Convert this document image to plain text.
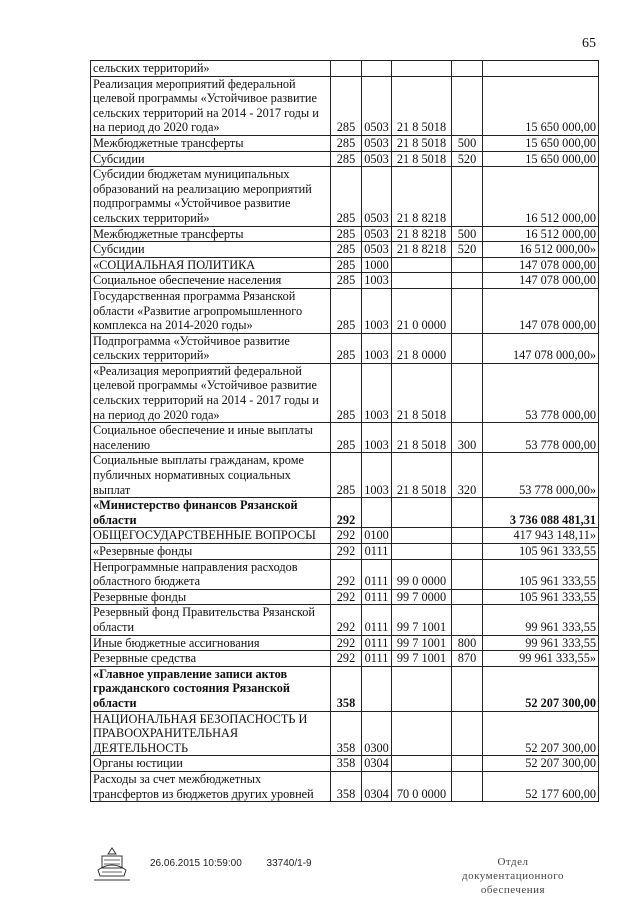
65
сельских территорий»					
Реализация мероприятий федеральной целевой программы «Устойчивое развитие сельских территорий на 2014 - 2017 годы и на период до 2020 года»	285	0503	21 8 5018		15 650 000,00
Межбюджетные трансферты	285	0503	21 8 5018	500	15 650 000,00
Субсидии	285	0503	21 8 5018	520	15 650 000,00
Субсидии бюджетам муниципальных образований на реализацию мероприятий подпрограммы «Устойчивое развитие сельских территорий»	285	0503	21 8 8218		16 512 000,00
Межбюджетные трансферты	285	0503	21 8 8218	500	16 512 000,00
Субсидии	285	0503	21 8 8218	520	16 512 000,00»
«СОЦИАЛЬНАЯ ПОЛИТИКА	285	1000			147 078 000,00
Социальное обеспечение населения	285	1003			147 078 000,00
Государственная программа Рязанской области «Развитие агропромышленного комплекса на 2014-2020 годы»	285	1003	21 0 0000		147 078 000,00
Подпрограмма «Устойчивое развитие сельских территорий»	285	1003	21 8 0000		147 078 000,00»
«Реализация мероприятий федеральной целевой программы «Устойчивое развитие сельских территорий на 2014 - 2017 годы и на период до 2020 года»	285	1003	21 8 5018		53 778 000,00
Социальное обеспечение и иные выплаты населению	285	1003	21 8 5018	300	53 778 000,00
Социальные выплаты гражданам, кроме публичных нормативных социальных выплат	285	1003	21 8 5018	320	53 778 000,00»
«Министерство финансов Рязанской области	292				3 736 088 481,31
ОБЩЕГОСУДАРСТВЕННЫЕ ВОПРОСЫ	292	0100			417 943 148,11»
«Резервные фонды	292	0111			105 961 333,55
Непрограммные направления расходов областного бюджета	292	0111	99 0 0000		105 961 333,55
Резервные фонды	292	0111	99 7 0000		105 961 333,55
Резервный фонд Правительства Рязанской области	292	0111	99 7 1001		99 961 333,55
Иные бюджетные ассигнования	292	0111	99 7 1001	800	99 961 333,55
Резервные средства	292	0111	99 7 1001	870	99 961 333,55»
«Главное управление записи актов гражданского состояния Рязанской области	358				52 207 300,00
НАЦИОНАЛЬНАЯ БЕЗОПАСНОСТЬ И ПРАВООХРАНИТЕЛЬНАЯ ДЕЯТЕЛЬНОСТЬ	358	0300			52 207 300,00
Органы юстиции	358	0304			52 207 300,00
Расходы за счет межбюджетных трансфертов из бюджетов других уровней	358	0304	70 0 0000		52 177 600,00
26.06.2015 10:59:00 33740/1-9	Отдел документационного
обеспечения
